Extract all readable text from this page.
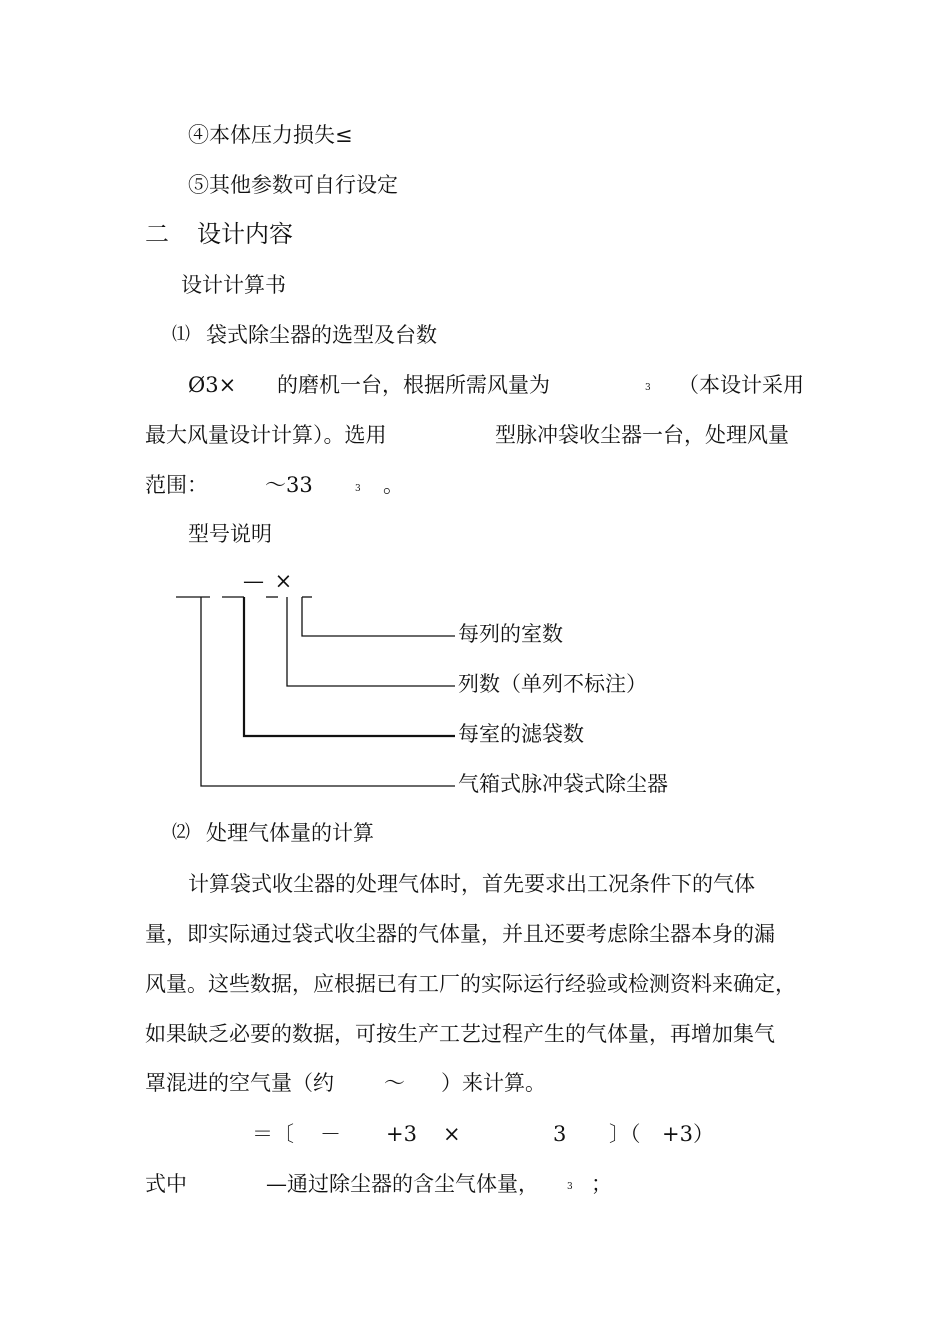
④本体压力损失≤
⑤其他参数可自行设定
二 设计内容
设计计算书
⑴ 袋式除尘器的选型及台数
Ø3× 的磨机一台，根据所需风量为	3 （本设计采用
最大风量设计计算）。选用	型脉冲袋收尘器一台，处理风量
范围：	～33	3 。
型号说明
— ×
每列的室数
列数（单列不标注）
每室的滤袋数
气箱式脉冲袋式除尘器
⑵ 处理气体量的计算
计算袋式收尘器的处理气体时，首先要求出工况条件下的气体
量，即实际通过袋式收尘器的气体量，并且还要考虑除尘器本身的漏
风量。这些数据，应根据已有工厂的实际运行经验或检测资料来确定，
如果缺乏必要的数据，可按生产工艺过程产生的气体量，再增加集气
罩混进的空气量（约 ～ ）来计算。
＝〔 － +3 ×	3 〕（ +3）
式中	—通过除尘器的含尘气体量，	3 ；
